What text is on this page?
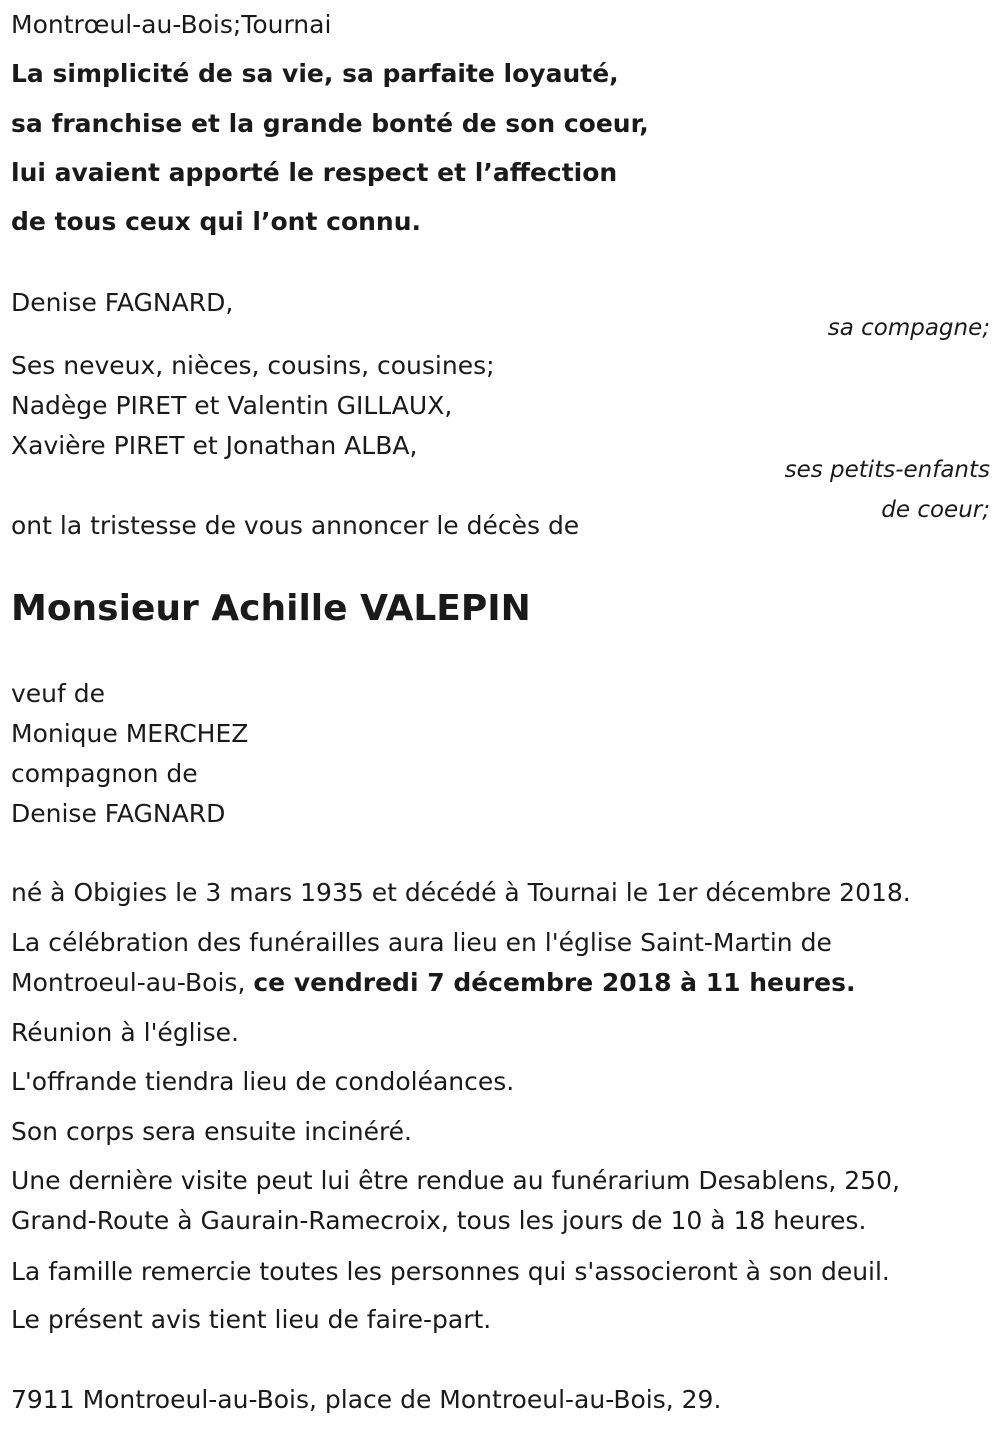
Montrœul-au-Bois;Tournai
La simplicité de sa vie, sa parfaite loyauté,
sa franchise et la grande bonté de son coeur,
lui avaient apporté le respect et l’affection
de tous ceux qui l’ont connu.
Denise FAGNARD,
sa compagne;
Ses neveux, nièces, cousins, cousines;
Nadège PIRET et Valentin GILLAUX,
Xavière PIRET et Jonathan ALBA,
ses petits-enfants
de coeur;
ont la tristesse de vous annoncer le décès de
Monsieur Achille VALEPIN
veuf de
Monique MERCHEZ
compagnon de
Denise FAGNARD
né à Obigies le 3 mars 1935 et décédé à Tournai le 1er décembre 2018.
La célébration des funérailles aura lieu en l'église Saint-Martin de
Montroeul-au-Bois, ce vendredi 7 décembre 2018 à 11 heures.
Réunion à l'église.
L'offrande tiendra lieu de condoléances.
Son corps sera ensuite incinéré.
Une dernière visite peut lui être rendue au funérarium Desablens, 250,
Grand-Route à Gaurain-Ramecroix, tous les jours de 10 à 18 heures.
La famille remercie toutes les personnes qui s'associeront à son deuil.
Le présent avis tient lieu de faire-part.
7911 Montroeul-au-Bois, place de Montroeul-au-Bois, 29.
